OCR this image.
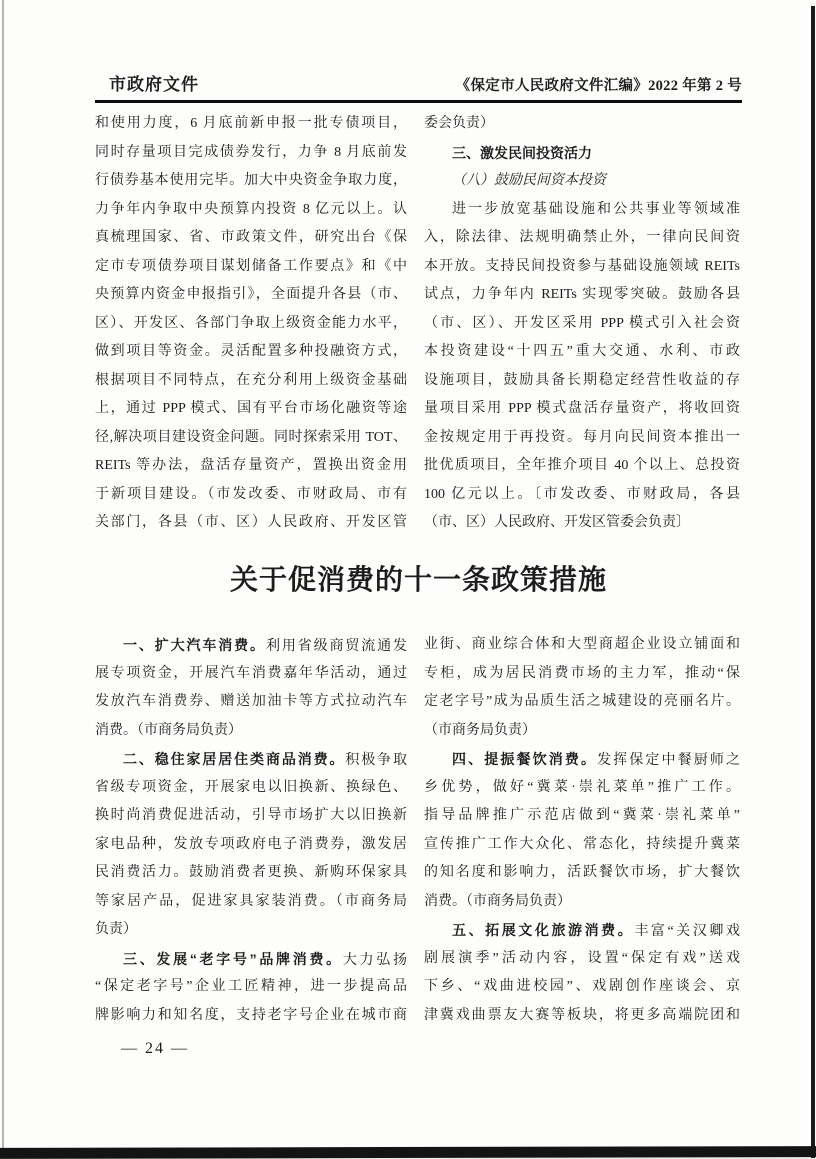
市政府文件	《保定市人民政府文件汇编》2022 年第 2 号
和使用力度，6 月底前新申报一批专债项目，
同时存量项目完成债券发行，力争 8 月底前发
行债券基本使用完毕。加大中央资金争取力度，
力争年内争取中央预算内投资 8 亿元以上。认
真梳理国家、省、市政策文件，研究出台《保
定市专项债券项目谋划储备工作要点》和《中
央预算内资金申报指引》，全面提升各县（市、
区）、开发区、各部门争取上级资金能力水平，
做到项目等资金。灵活配置多种投融资方式，
根据项目不同特点，在充分利用上级资金基础
上，通过 PPP 模式、国有平台市场化融资等途
径,解决项目建设资金问题。同时探索采用 TOT、
REITs 等办法，盘活存量资产，置换出资金用
于新项目建设。（市发改委、市财政局、市有
关部门，各县（市、区）人民政府、开发区管
委会负责）
三、激发民间投资活力
（八）鼓励民间资本投资
进一步放宽基础设施和公共事业等领域准
入，除法律、法规明确禁止外，一律向民间资
本开放。支持民间投资参与基础设施领域 REITs
试点，力争年内 REITs 实现零突破。鼓励各县
（市、区）、开发区采用 PPP 模式引入社会资
本投资建设“十四五”重大交通、水利、市政
设施项目，鼓励具备长期稳定经营性收益的存
量项目采用 PPP 模式盘活存量资产，将收回资
金按规定用于再投资。每月向民间资本推出一
批优质项目，全年推介项目 40 个以上、总投资
100 亿元以上。〔市发改委、市财政局，各县
（市、区）人民政府、开发区管委会负责〕
关于促消费的十一条政策措施
一、扩大汽车消费。利用省级商贸流通发
展专项资金，开展汽车消费嘉年华活动，通过
发放汽车消费券、赠送加油卡等方式拉动汽车
消费。（市商务局负责）
二、稳住家居居住类商品消费。积极争取
省级专项资金，开展家电以旧换新、换绿色、
换时尚消费促进活动，引导市场扩大以旧换新
家电品种，发放专项政府电子消费券，激发居
民消费活力。鼓励消费者更换、新购环保家具
等家居产品，促进家具家装消费。（市商务局
负责）
三、发展“老字号”品牌消费。大力弘扬
“保定老字号”企业工匠精神，进一步提高品
牌影响力和知名度，支持老字号企业在城市商
业街、商业综合体和大型商超企业设立铺面和
专柜，成为居民消费市场的主力军，推动“保
定老字号”成为品质生活之城建设的亮丽名片。
（市商务局负责）
四、提振餐饮消费。发挥保定中餐厨师之
乡优势，做好“冀菜·崇礼菜单”推广工作。
指导品牌推广示范店做到“冀菜·崇礼菜单”
宣传推广工作大众化、常态化，持续提升冀菜
的知名度和影响力，活跃餐饮市场，扩大餐饮
消费。（市商务局负责）
五、拓展文化旅游消费。丰富“关汉卿戏
剧展演季”活动内容，设置“保定有戏”送戏
下乡、“戏曲进校园”、戏剧创作座谈会、京
津冀戏曲票友大赛等板块，将更多高端院团和
— 24 —
